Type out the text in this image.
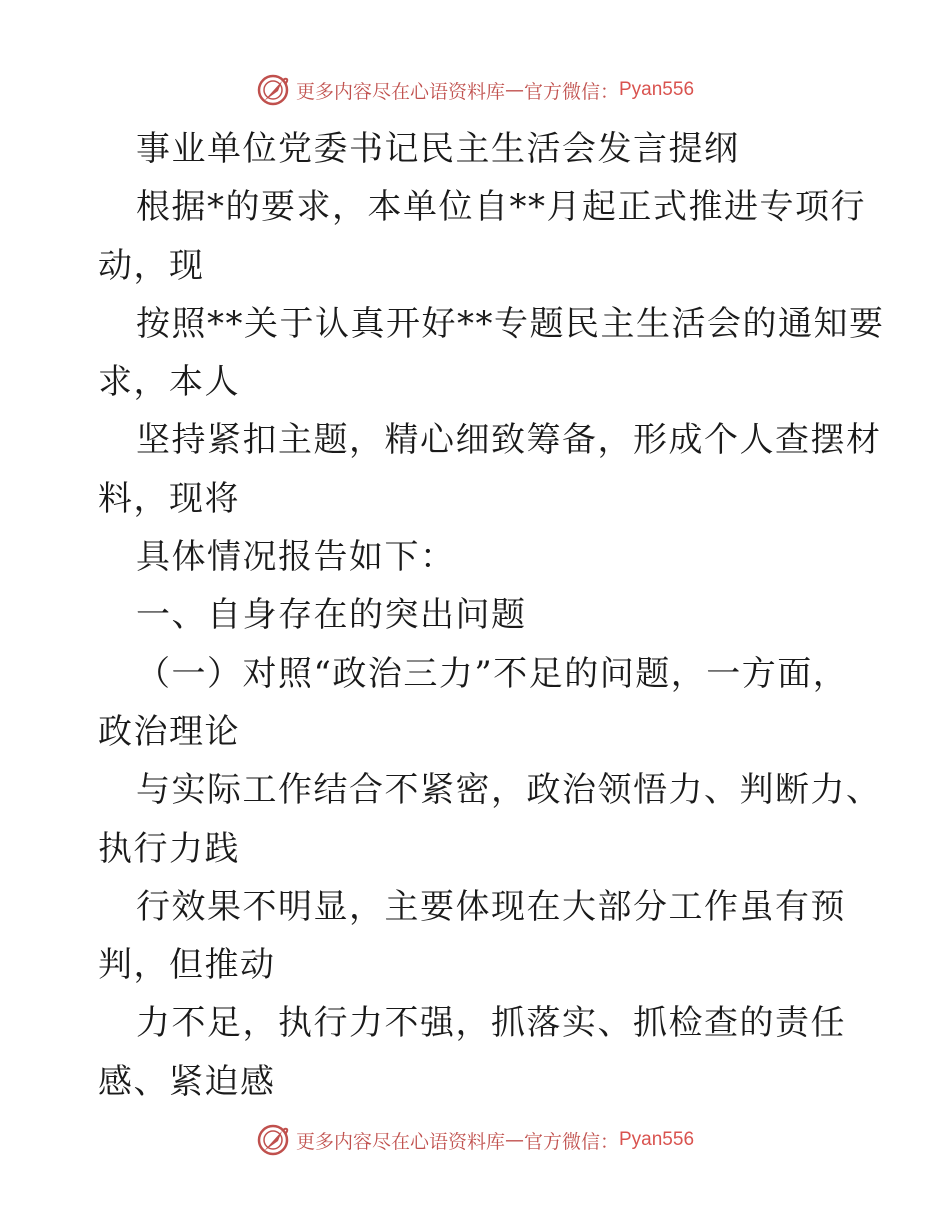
更多内容尽在心语资料库 — 官方微信： Pyan556
事业单位党委书记民主生活会发言提纲
根据*的要求，本单位自**月起正式推进专项行
动，现
按照**关于认真开好**专题民主生活会的通知要
求，本人
坚持紧扣主题，精心细致筹备，形成个人查摆材
料，现将
具体情况报告如下：
一、自身存在的突出问题
（一）对照“政治三力”不足的问题，一方面，
政治理论
与实际工作结合不紧密，政治领悟力、判断力、
执行力践
行效果不明显，主要体现在大部分工作虽有预
判，但推动
力不足，执行力不强，抓落实、抓检查的责任
感、紧迫感
更多内容尽在心语资料库 — 官方微信： Pyan556
